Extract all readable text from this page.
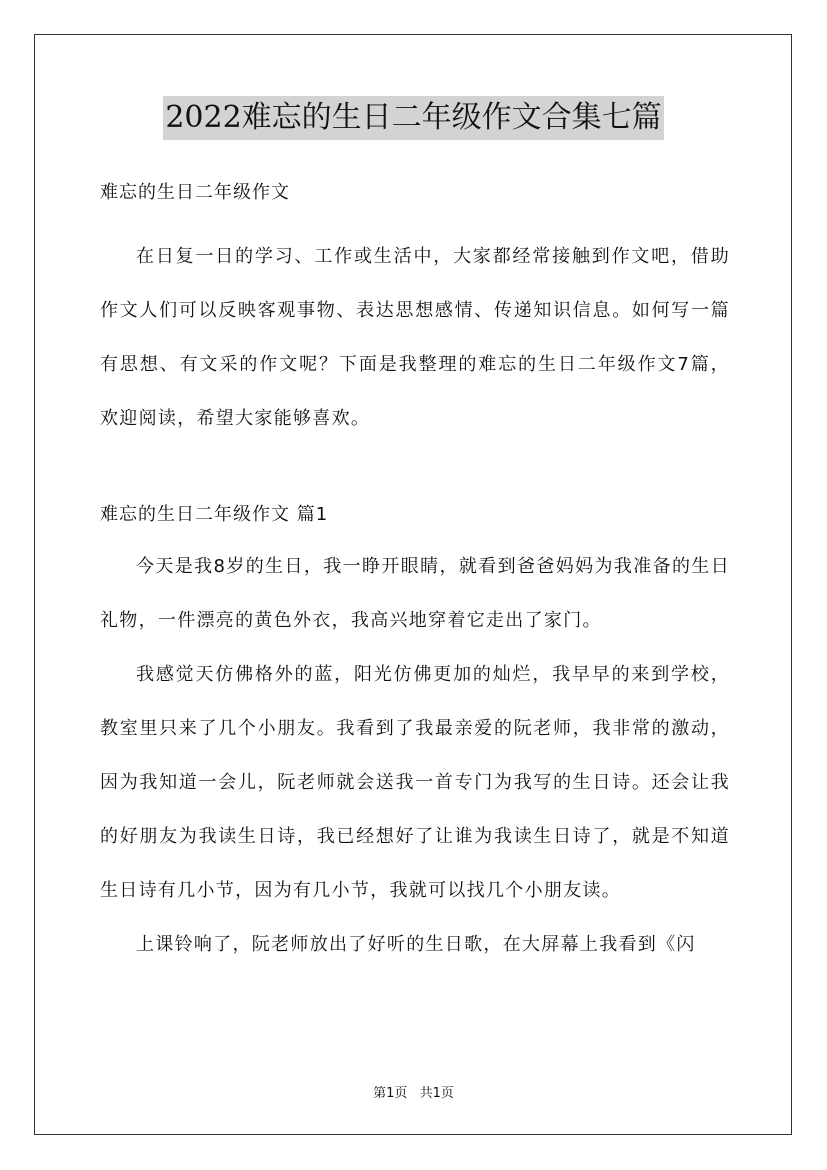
2022难忘的生日二年级作文合集七篇

难忘的生日二年级作文

在日复一日的学习、工作或生活中，大家都经常接触到作文吧，借助作文人们可以反映客观事物、表达思想感情、传递知识信息。如何写一篇有思想、有文采的作文呢？下面是我整理的难忘的生日二年级作文7篇，欢迎阅读，希望大家能够喜欢。

难忘的生日二年级作文 篇1

今天是我8岁的生日，我一睁开眼睛，就看到爸爸妈妈为我准备的生日礼物，一件漂亮的黄色外衣，我高兴地穿着它走出了家门。

我感觉天仿佛格外的蓝，阳光仿佛更加的灿烂，我早早的来到学校，教室里只来了几个小朋友。我看到了我最亲爱的阮老师，我非常的激动，因为我知道一会儿，阮老师就会送我一首专门为我写的生日诗。还会让我的好朋友为我读生日诗，我已经想好了让谁为我读生日诗了，就是不知道生日诗有几小节，因为有几小节，我就可以找几个小朋友读。

上课铃响了，阮老师放出了好听的生日歌，在大屏幕上我看到《闪

第1页 共1页
